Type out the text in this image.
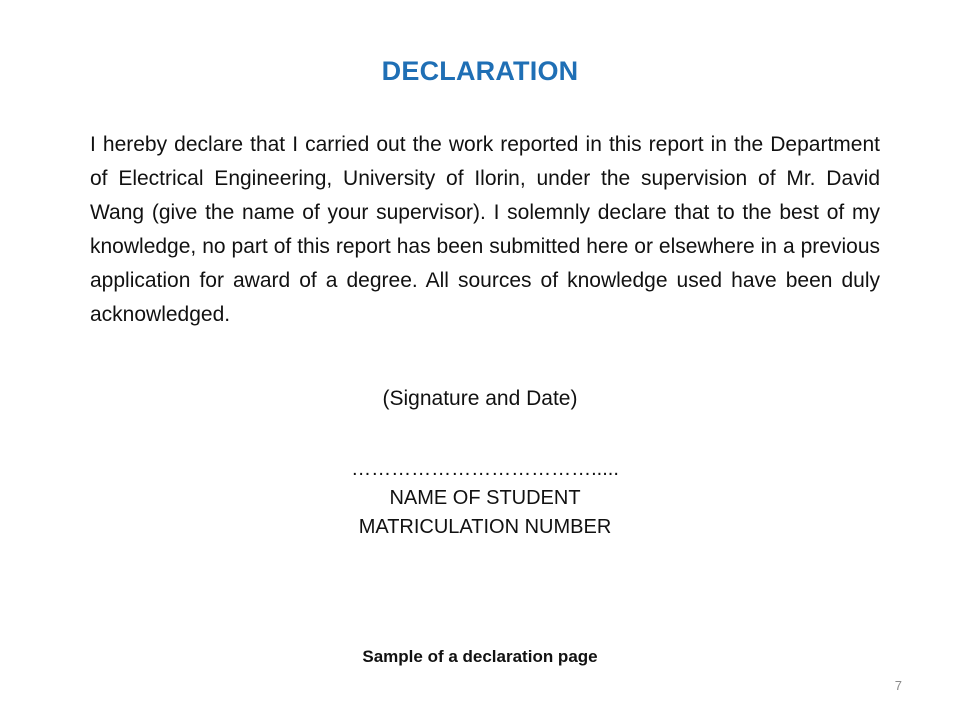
DECLARATION
I hereby declare that I carried out the work reported in this report in the Department of Electrical Engineering, University of Ilorin, under the supervision of Mr. David Wang (give the name of your supervisor). I solemnly declare that to the best of my knowledge, no part of this report has been submitted here or elsewhere in a previous application for award of a degree. All sources of knowledge used have been duly acknowledged.
(Signature and Date)
……………………………….....
NAME OF STUDENT
MATRICULATION NUMBER
Sample of a declaration page
7
